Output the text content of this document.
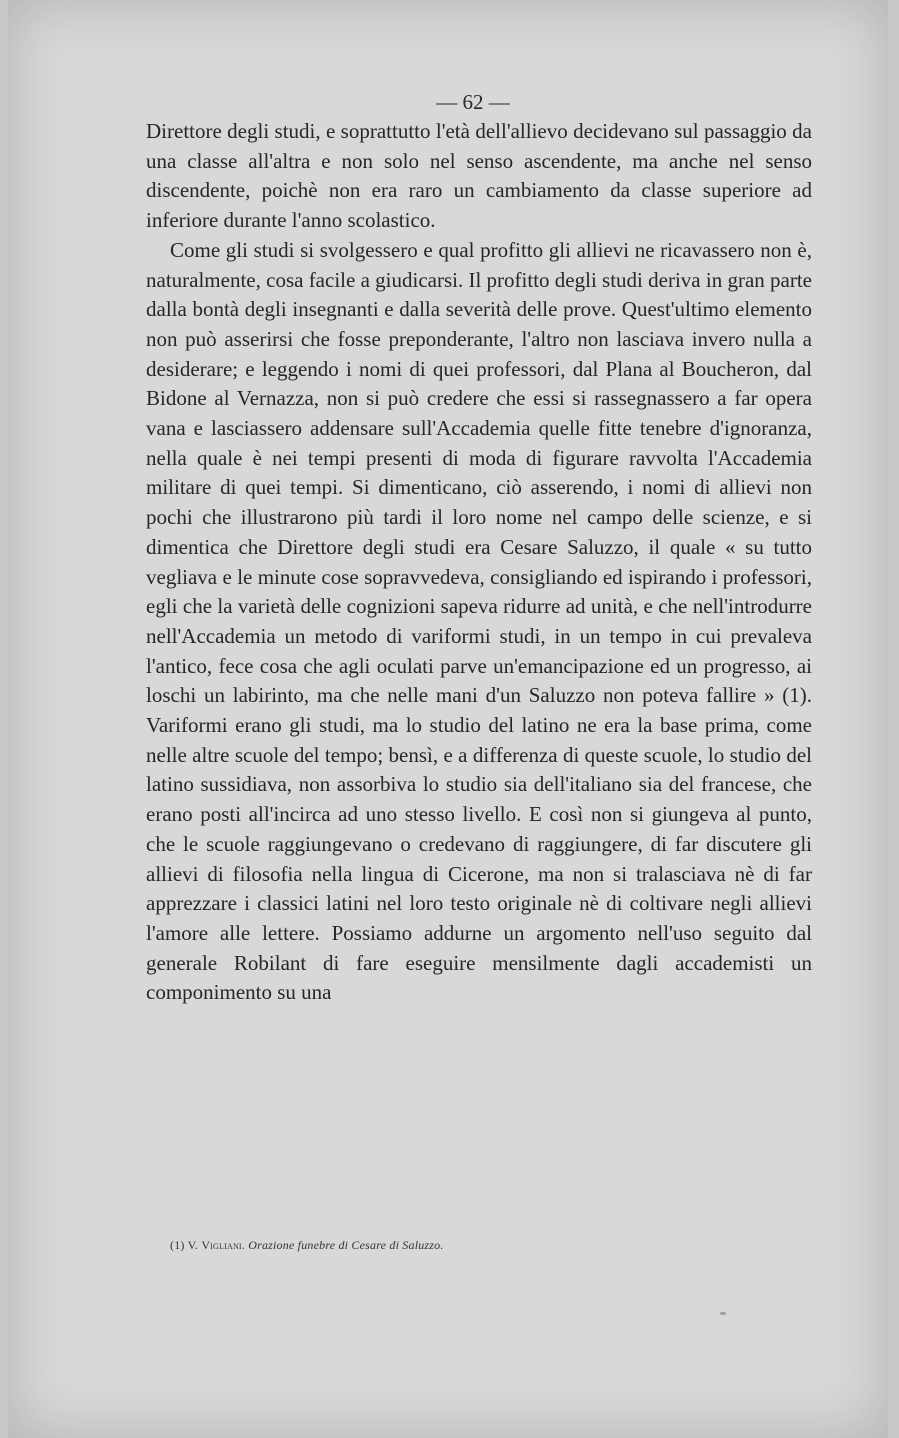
— 62 —

Direttore degli studi, e soprattutto l'età dell'allievo decidevano sul passaggio da una classe all'altra e non solo nel senso ascendente, ma anche nel senso discendente, poichè non era raro un cambiamento da classe superiore ad inferiore durante l'anno scolastico.

Come gli studi si svolgessero e qual profitto gli allievi ne ricavassero non è, naturalmente, cosa facile a giudicarsi. Il profitto degli studi deriva in gran parte dalla bontà degli insegnanti e dalla severità delle prove. Quest'ultimo elemento non può asserirsi che fosse preponderante, l'altro non lasciava invero nulla a desiderare; e leggendo i nomi di quei professori, dal Plana al Boucheron, dal Bidone al Vernazza, non si può credere che essi si rassegnassero a far opera vana e lasciassero addensare sull'Accademia quelle fitte tenebre d'ignoranza, nella quale è nei tempi presenti di moda di figurare ravvolta l'Accademia militare di quei tempi. Si dimenticano, ciò asserendo, i nomi di allievi non pochi che illustrarono più tardi il loro nome nel campo delle scienze, e si dimentica che Direttore degli studi era Cesare Saluzzo, il quale « su tutto vegliava e le minute cose sopravvedeva, consigliando ed ispirando i professori, egli che la varietà delle cognizioni sapeva ridurre ad unità, e che nell'introdurre nell'Accademia un metodo di variformi studi, in un tempo in cui prevaleva l'antico, fece cosa che agli oculati parve un'emancipazione ed un progresso, ai loschi un labirinto, ma che nelle mani d'un Saluzzo non poteva fallire » (1). Variformi erano gli studi, ma lo studio del latino ne era la base prima, come nelle altre scuole del tempo; bensì, e a differenza di queste scuole, lo studio del latino sussidiava, non assorbiva lo studio sia dell'italiano sia del francese, che erano posti all'incirca ad uno stesso livello. E così non si giungeva al punto, che le scuole raggiungevano o credevano di raggiungere, di far discutere gli allievi di filosofia nella lingua di Cicerone, ma non si tralasciava nè di far apprezzare i classici latini nel loro testo originale nè di coltivare negli allievi l'amore alle lettere. Possiamo addurne un argomento nell'uso seguito dal generale Robilant di fare eseguire mensilmente dagli accademisti un componimento su una

(1) V. Vigliani. Orazione funebre di Cesare di Saluzzo.
